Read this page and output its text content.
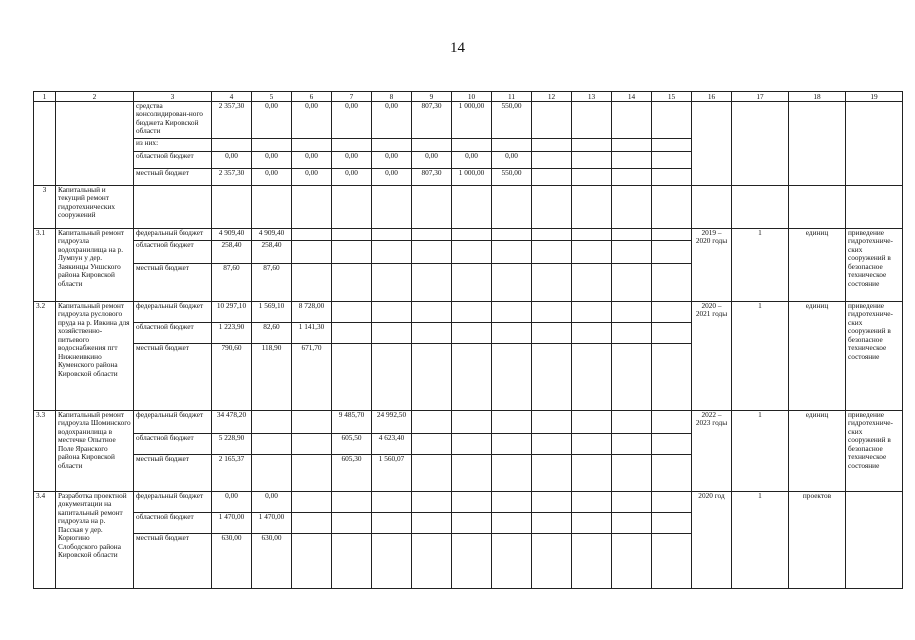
14
1	2	3	4	5	6	7	8	9	10	11	12	13	14	15	16	17	18	19
		средства консолидирован-ного бюджета Кировской области	2 357,30	0,00	0,00	0,00	0,00	807,30	1 000,00	550,00								
		из них:																
		областной бюджет	0,00	0,00	0,00	0,00	0,00	0,00	0,00	0,00								
		местный бюджет	2 357,30	0,00	0,00	0,00	0,00	807,30	1 000,00	550,00								
3	Капитальный и текущий ремонт гидротехнических сооружений																	
3.1	Капитальный ремонт гидроузла водохранилища на р. Лумпун у дер. Заякинцы Уншского района Кировской области	федеральный бюджет	4 909,40	4 909,40											2019 – 2020 годы	1	единиц	приведение гидротехниче-ских сооружений в безопасное техническое состояние
		областной бюджет	258,40	258,40														
		местный бюджет	87,60	87,60														
3.2	Капитальный ремонт гидроузла руслового пруда на р. Ивкина для хозяйственно-питьевого водоснабжения пгт Нижнеивкино Куменского района Кировской области	федеральный бюджет	10 297,10	1 569,10	8 728,00										2020 – 2021 годы	1	единиц	приведение гидротехниче-ских сооружений в безопасное техническое состояние
		областной бюджет	1 223,90	82,60	1 141,30													
		местный бюджет	790,60	118,90	671,70													
3.3	Капитальный ремонт гидроузла Шоминского водохранилища в местечке Опытное Поле Яранского района Кировской области	федеральный бюджет	34 478,20			9 485,70	24 992,50								2022 – 2023 годы	1	единиц	приведение гидротехниче-ских сооружений в безопасное техническое состояние
		областной бюджет	5 228,90			605,50	4 623,40											
		местный бюджет	2 165,37			605,30	1 560,07											
3.4	Разработка проектной документации на капитальный ремонт гидроузла на р. Пасская у дер. Корюгино Слободского района Кировской области	федеральный бюджет	0,00	0,00											2020 год	1	проектов	
		областной бюджет	1 470,00	1 470,00														
		местный бюджет	630,00	630,00														
